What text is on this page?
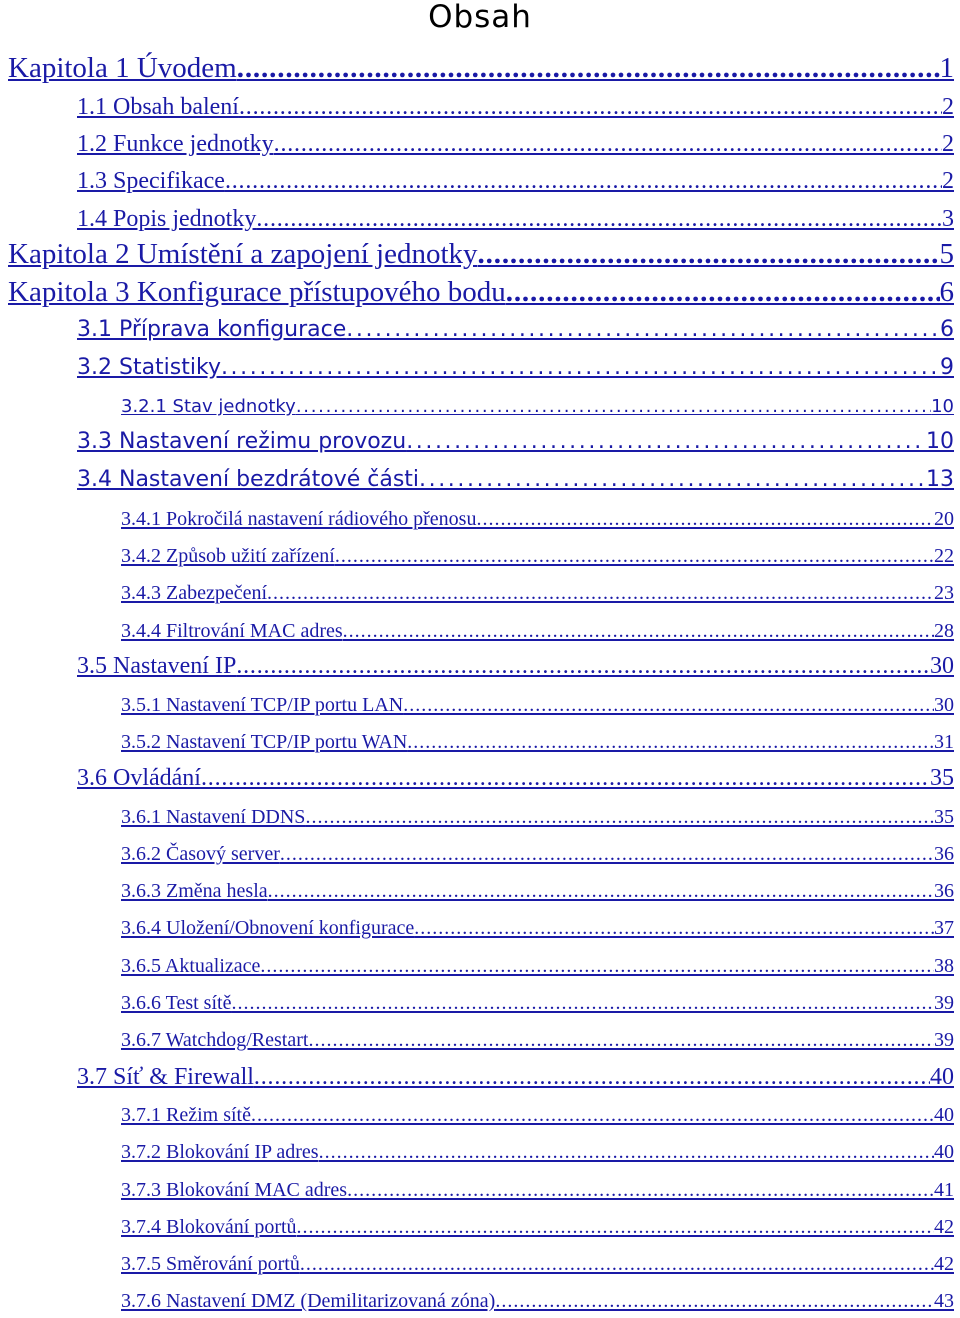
Obsah
Kapitola 1 Úvodem . . .	1
1.1 Obsah balení . . .	2
1.2 Funkce jednotky . . .	2
1.3 Specifikace . . .	2
1.4 Popis jednotky . . .	3
Kapitola 2 Umístění a zapojení jednotky . . .	5
Kapitola 3 Konfigurace přístupového bodu . . .	6
3.1 Příprava konfigurace . . .	6
3.2 Statistiky . . .	9
3.2.1 Stav jednotky . . .	10
3.3 Nastavení režimu provozu . . .	10
3.4 Nastavení bezdrátové části . . .	13
3.4.1 Pokročilá nastavení rádiového přenosu . . .	20
3.4.2 Způsob užití zařízení . . .	22
3.4.3 Zabezpečení . . .	23
3.4.4 Filtrování MAC adres . . .	28
3.5 Nastavení IP . . .	30
3.5.1 Nastavení TCP/IP portu LAN . . .	30
3.5.2 Nastavení TCP/IP portu WAN . . .	31
3.6 Ovládání . . .	35
3.6.1 Nastavení DDNS . . .	35
3.6.2 Časový server . . .	36
3.6.3 Změna hesla . . .	36
3.6.4 Uložení/Obnovení konfigurace . . .	37
3.6.5 Aktualizace . . .	38
3.6.6 Test sítě . . .	39
3.6.7 Watchdog/Restart . . .	39
3.7 Síť & Firewall . . .	40
3.7.1 Režim sítě . . .	40
3.7.2 Blokování IP adres . . .	40
3.7.3 Blokování MAC adres . . .	41
3.7.4 Blokování portů . . .	42
3.7.5 Směrování portů . . .	42
3.7.6 Nastavení DMZ (Demilitarizovaná zóna) . . .	43
